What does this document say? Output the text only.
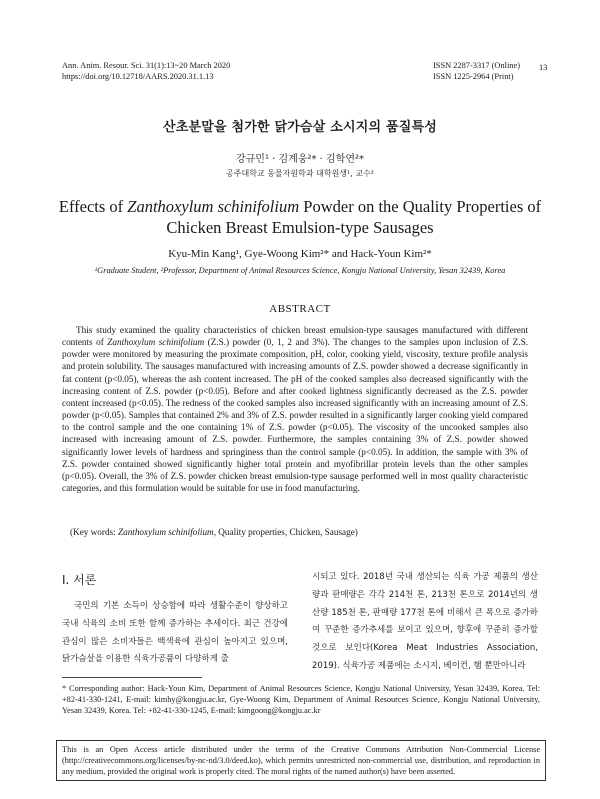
Ann. Anim. Resour. Sci. 31(1):13~20 March 2020
https://doi.org/10.12718/AARS.2020.31.1.13
ISSN 2287-3317 (Online)
ISSN 1225-2964 (Print)
13
산초분말을 첨가한 닭가슴살 소시지의 품질특성
강규민¹ · 김계웅²* · 김학연²*
공주대학교 동물자원학과 대학원생¹, 교수²
Effects of Zanthoxylum schinifolium Powder on the Quality Properties of
Chicken Breast Emulsion-type Sausages
Kyu-Min Kang¹, Gye-Woong Kim²* and Hack-Youn Kim²*
¹Graduate Student, ²Professor, Department of Animal Resources Science, Kongju National University, Yesan 32439, Korea
ABSTRACT

This study examined the quality characteristics of chicken breast emulsion-type sausages manufactured with different contents of Zanthoxylum schinifolium (Z.S.) powder (0, 1, 2 and 3%). The changes to the samples upon inclusion of Z.S. powder were monitored by measuring the proximate composition, pH, color, cooking yield, viscosity, texture profile analysis and protein solubility. The sausages manufactured with increasing amounts of Z.S. powder showed a decrease significantly in fat content (p<0.05), whereas the ash content increased. The pH of the cooked samples also decreased significantly with the increasing content of Z.S. powder (p<0.05). Before and after cooked lightness significantly decreased as the Z.S. powder content increased (p<0.05). The redness of the cooked samples also increased significantly with an increasing amount of Z.S. powder (p<0.05). Samples that contained 2% and 3% of Z.S. powder resulted in a significantly larger cooking yield compared to the control sample and the one containing 1% of Z.S. powder (p<0.05). The viscosity of the uncooked samples also increased with increasing amount of Z.S. powder. Furthermore, the samples containing 3% of Z.S. powder showed significantly lower levels of hardness and springiness than the control sample (p<0.05). In addition, the sample with 3% of Z.S. powder contained showed significantly higher total protein and myofibrillar protein levels than the other samples (p<0.05). Overall, the 3% of Z.S. powder chicken breast emulsion-type sausage performed well in most quality characteristic categories, and this formulation would be suitable for use in food manufacturing.

(Key words: Zanthoxylum schinifolium, Quality properties, Chicken, Sausage)
Ⅰ. 서론

국민의 기본 소득이 상승함에 따라 생활수준이 향상하고 국내 식육의 소비 또한 함께 증가하는 추세이다. 최근 건강에 관심이 많은 소비자들은 백색육에 관심이 높아지고 있으며, 닭가슴살을 이용한 식육가공품이 다양하게 출

시되고 있다. 2018년 국내 생산되는 식육 가공 제품의 생산량과 판매량은 각각 214천 톤, 213천 톤으로 2014년의 생산량 185천 톤, 판매량 177천 톤에 비해서 큰 폭으로 증가하여 꾸준한 증가추세를 보이고 있으며, 향후에 꾸준히 증가할 것으로 보인다(Korea Meat Industries Association, 2019). 식육가공 제품에는 소시지, 베이컨, 햄 뿐만아니라

* Corresponding author: Hack-Youn Kim, Department of Animal Resources Science, Kongju National University, Yesan 32439, Korea. Tel: +82-41-330-1241, E-mail: kimhy@kongju.ac.kr, Gye-Woong Kim, Department of Animal Resources Science, Kongju National University, Yesan 32439, Korea. Tel: +82-41-330-1245, E-mail: kimgoong@kongju.ac.kr

This is an Open Access article distributed under the terms of the Creative Commons Attribution Non-Commercial License (http://creativecommons.org/licenses/by-nc-nd/3.0/deed.ko), which permits unrestricted non-commercial use, distribution, and reproduction in any medium, provided the original work is properly cited. The moral rights of the named author(s) have been asserted.
